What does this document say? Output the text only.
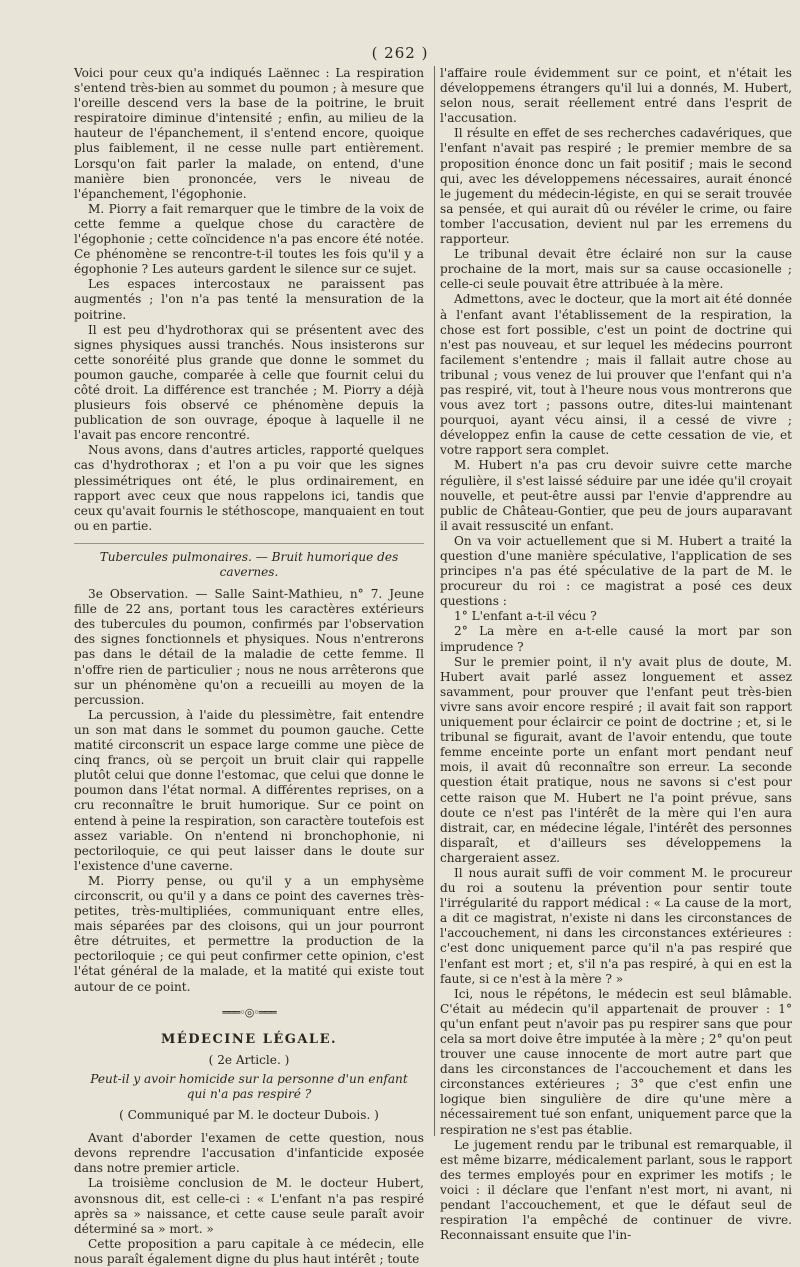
( 262 )

Voici pour ceux qu'a indiqués Laënnec : La respiration s'entend très-bien au sommet du poumon ; à mesure que l'oreille descend vers la base de la poitrine, le bruit respiratoire diminue d'intensité ; enfin, au milieu de la hauteur de l'épanchement, il s'entend encore, quoique plus faiblement, il ne cesse nulle part entièrement. Lorsqu'on fait parler la malade, on entend, d'une manière bien prononcée, vers le niveau de l'épanchement, l'égophonie.

M. Piorry a fait remarquer que le timbre de la voix de cette femme a quelque chose du caractère de l'égophonie ; cette coïncidence n'a pas encore été notée. Ce phénomène se rencontre-t-il toutes les fois qu'il y a égophonie ? Les auteurs gardent le silence sur ce sujet.

Les espaces intercostaux ne paraissent pas augmentés ; l'on n'a pas tenté la mensuration de la poitrine.

Il est peu d'hydrothorax qui se présentent avec des signes physiques aussi tranchés. Nous insisterons sur cette sonoréité plus grande que donne le sommet du poumon gauche, comparée à celle que fournit celui du côté droit. La différence est tranchée ; M. Piorry a déjà plusieurs fois observé ce phénomène depuis la publication de son ouvrage, époque à laquelle il ne l'avait pas encore rencontré.

Nous avons, dans d'autres articles, rapporté quelques cas d'hydrothorax ; et l'on a pu voir que les signes plessimétriques ont été, le plus ordinairement, en rapport avec ceux que nous rappelons ici, tandis que ceux qu'avait fournis le stéthoscope, manquaient en tout ou en partie.

Tubercules pulmonaires. — Bruit humorique des cavernes.

3e Observation. — Salle Saint-Mathieu, n° 7. Jeune fille de 22 ans, portant tous les caractères extérieurs des tubercules du poumon, confirmés par l'observation des signes fonctionnels et physiques. Nous n'entrerons pas dans le détail de la maladie de cette femme. Il n'offre rien de particulier ; nous ne nous arrêterons que sur un phénomène qu'on a recueilli au moyen de la percussion.

La percussion, à l'aide du plessimètre, fait entendre un son mat dans le sommet du poumon gauche. Cette matité circonscrit un espace large comme une pièce de cinq francs, où se perçoit un bruit clair qui rappelle plutôt celui que donne l'estomac, que celui que donne le poumon dans l'état normal. A différentes reprises, on a cru reconnaître le bruit humorique. Sur ce point on entend à peine la respiration, son caractère toutefois est assez variable. On n'entend ni bronchophonie, ni pectoriloquie, ce qui peut laisser dans le doute sur l'existence d'une caverne.

M. Piorry pense, ou qu'il y a un emphysème circonscrit, ou qu'il y a dans ce point des cavernes très-petites, très-multipliées, communiquant entre elles, mais séparées par des cloisons, qui un jour pourront être détruites, et permettre la production de la pectoriloquie ; ce qui peut confirmer cette opinion, c'est l'état général de la malade, et la matité qui existe tout autour de ce point.

═══◦◎◦═══

MÉDECINE LÉGALE.

( 2e Article. )

Peut-il y avoir homicide sur la personne d'un enfant qui n'a pas respiré ?

( Communiqué par M. le docteur Dubois. )

Avant d'aborder l'examen de cette question, nous devons reprendre l'accusation d'infanticide exposée dans notre premier article.

La troisième conclusion de M. le docteur Hubert, avonsnous dit, est celle-ci : « L'enfant n'a pas respiré après sa » naissance, et cette cause seule paraît avoir déterminé sa » mort. »

Cette proposition a paru capitale à ce médecin, elle nous paraît également digne du plus haut intérêt ; toute

l'affaire roule évidemment sur ce point, et n'était les développemens étrangers qu'il lui a donnés, M. Hubert, selon nous, serait réellement entré dans l'esprit de l'accusation.

Il résulte en effet de ses recherches cadavériques, que l'enfant n'avait pas respiré ; le premier membre de sa proposition énonce donc un fait positif ; mais le second qui, avec les développemens nécessaires, aurait énoncé le jugement du médecin-légiste, en qui se serait trouvée sa pensée, et qui aurait dû ou révéler le crime, ou faire tomber l'accusation, devient nul par les erremens du rapporteur.

Le tribunal devait être éclairé non sur la cause prochaine de la mort, mais sur sa cause occasionelle ; celle-ci seule pouvait être attribuée à la mère.

Admettons, avec le docteur, que la mort ait été donnée à l'enfant avant l'établissement de la respiration, la chose est fort possible, c'est un point de doctrine qui n'est pas nouveau, et sur lequel les médecins pourront facilement s'entendre ; mais il fallait autre chose au tribunal ; vous venez de lui prouver que l'enfant qui n'a pas respiré, vit, tout à l'heure nous vous montrerons que vous avez tort ; passons outre, dites-lui maintenant pourquoi, ayant vécu ainsi, il a cessé de vivre ; développez enfin la cause de cette cessation de vie, et votre rapport sera complet.

M. Hubert n'a pas cru devoir suivre cette marche régulière, il s'est laissé séduire par une idée qu'il croyait nouvelle, et peut-être aussi par l'envie d'apprendre au public de Château-Gontier, que peu de jours auparavant il avait ressuscité un enfant.

On va voir actuellement que si M. Hubert a traité la question d'une manière spéculative, l'application de ses principes n'a pas été spéculative de la part de M. le procureur du roi : ce magistrat a posé ces deux questions :

1° L'enfant a-t-il vécu ?

2° La mère en a-t-elle causé la mort par son imprudence ?

Sur le premier point, il n'y avait plus de doute, M. Hubert avait parlé assez longuement et assez savamment, pour prouver que l'enfant peut très-bien vivre sans avoir encore respiré ; il avait fait son rapport uniquement pour éclaircir ce point de doctrine ; et, si le tribunal se figurait, avant de l'avoir entendu, que toute femme enceinte porte un enfant mort pendant neuf mois, il avait dû reconnaître son erreur. La seconde question était pratique, nous ne savons si c'est pour cette raison que M. Hubert ne l'a point prévue, sans doute ce n'est pas l'intérêt de la mère qui l'en aura distrait, car, en médecine légale, l'intérêt des personnes disparaît, et d'ailleurs ses développemens la chargeraient assez.

Il nous aurait suffi de voir comment M. le procureur du roi a soutenu la prévention pour sentir toute l'irrégularité du rapport médical : « La cause de la mort, a dit ce magistrat, n'existe ni dans les circonstances de l'accouchement, ni dans les circonstances extérieures : c'est donc uniquement parce qu'il n'a pas respiré que l'enfant est mort ; et, s'il n'a pas respiré, à qui en est la faute, si ce n'est à la mère ? »

Ici, nous le répétons, le médecin est seul blâmable. C'était au médecin qu'il appartenait de prouver : 1° qu'un enfant peut n'avoir pas pu respirer sans que pour cela sa mort doive être imputée à la mère ; 2° qu'on peut trouver une cause innocente de mort autre part que dans les circonstances de l'accouchement et dans les circonstances extérieures ; 3° que c'est enfin une logique bien singulière de dire qu'une mère a nécessairement tué son enfant, uniquement parce que la respiration ne s'est pas établie.

Le jugement rendu par le tribunal est remarquable, il est même bizarre, médicalement parlant, sous le rapport des termes employés pour en exprimer les motifs ; le voici : il déclare que l'enfant n'est mort, ni avant, ni pendant l'accouchement, et que le défaut seul de respiration l'a empêché de continuer de vivre. Reconnaissant ensuite que l'in-
